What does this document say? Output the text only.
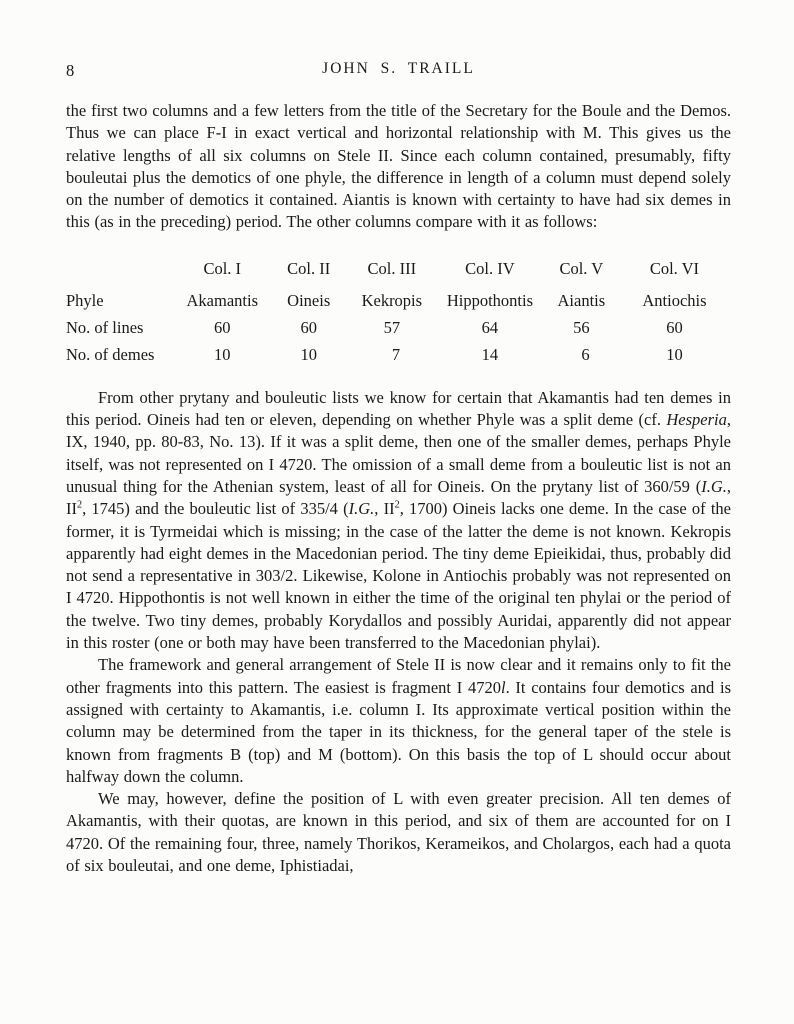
8	JOHN S. TRAILL

the first two columns and a few letters from the title of the Secretary for the Boule and the Demos. Thus we can place F-I in exact vertical and horizontal relationship with M. This gives us the relative lengths of all six columns on Stele II. Since each column contained, presumably, fifty bouleutai plus the demotics of one phyle, the difference in length of a column must depend solely on the number of demotics it contained. Aiantis is known with certainty to have had six demes in this (as in the preceding) period. The other columns compare with it as follows:

	Col. I	Col. II	Col. III	Col. IV	Col. V	Col. VI
Phyle	Akamantis	Oineis	Kekropis	Hippothontis	Aiantis	Antiochis
No. of lines	60	60	57	64	56	60
No. of demes	10	10	7	14	6	10

From other prytany and bouleutic lists we know for certain that Akamantis had ten demes in this period. Oineis had ten or eleven, depending on whether Phyle was a split deme (cf. Hesperia, IX, 1940, pp. 80-83, No. 13). If it was a split deme, then one of the smaller demes, perhaps Phyle itself, was not represented on I 4720. The omission of a small deme from a bouleutic list is not an unusual thing for the Athenian system, least of all for Oineis. On the prytany list of 360/59 (I.G., $II^2$, 1745) and the bouleutic list of 335/4 (I.G., $II^2$, 1700) Oineis lacks one deme. In the case of the former, it is Tyrmeidai which is missing; in the case of the latter the deme is not known. Kekropis apparently had eight demes in the Macedonian period. The tiny deme Epieikidai, thus, probably did not send a representative in 303/2. Likewise, Kolone in Antiochis probably was not represented on I 4720. Hippothontis is not well known in either the time of the original ten phylai or the period of the twelve. Two tiny demes, probably Korydallos and possibly Auridai, apparently did not appear in this roster (one or both may have been transferred to the Macedonian phylai).

The framework and general arrangement of Stele II is now clear and it remains only to fit the other fragments into this pattern. The easiest is fragment I 4720l. It contains four demotics and is assigned with certainty to Akamantis, i.e. column I. Its approximate vertical position within the column may be determined from the taper in its thickness, for the general taper of the stele is known from fragments B (top) and M (bottom). On this basis the top of L should occur about halfway down the column.

We may, however, define the position of L with even greater precision. All ten demes of Akamantis, with their quotas, are known in this period, and six of them are accounted for on I 4720. Of the remaining four, three, namely Thorikos, Kerameikos, and Cholargos, each had a quota of six bouleutai, and one deme, Iphistiadai,
